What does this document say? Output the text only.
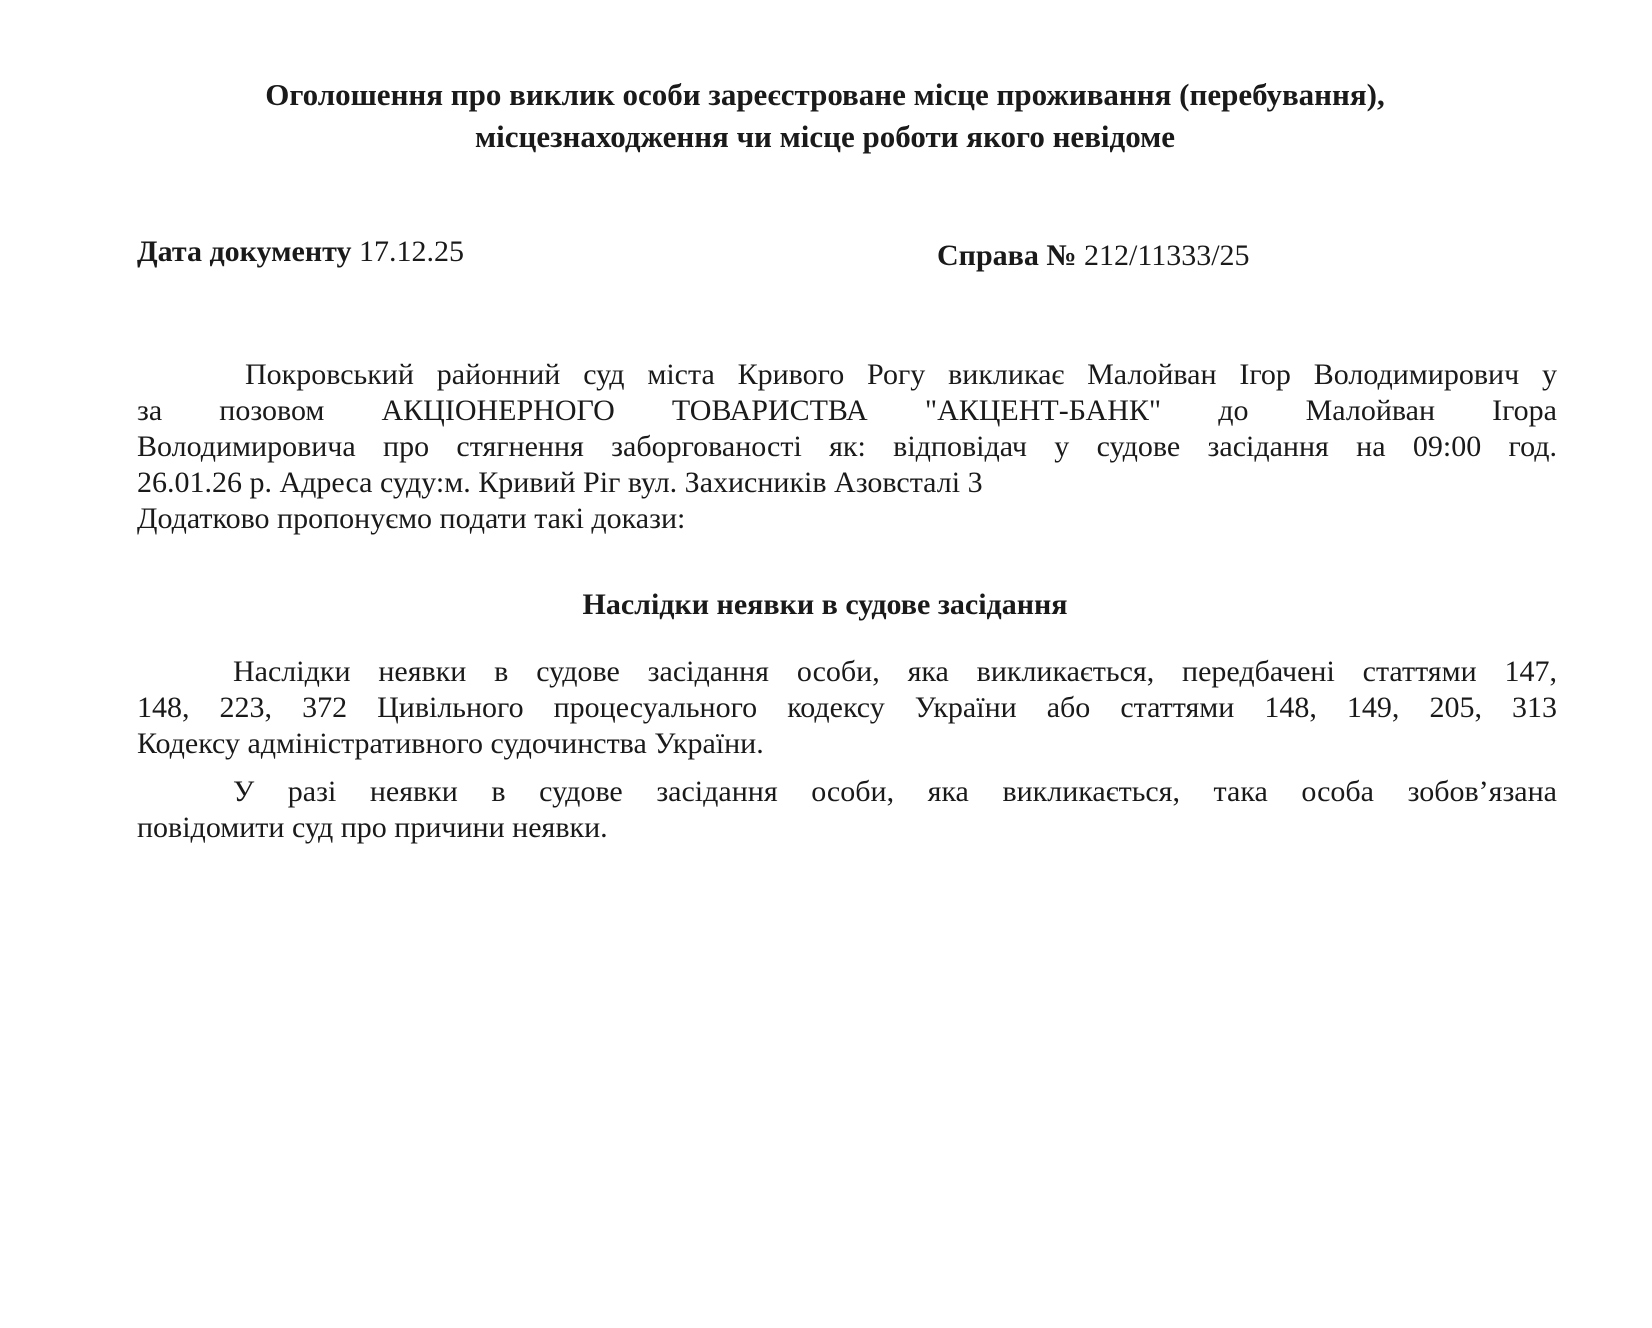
Оголошення про виклик особи зареєстроване місце проживання (перебування),
місцезнаходження чи місце роботи якого невідоме
Дата документу 17.12.25	Справа № 212/11333/25
Покровський районний суд міста Кривого Рогу викликає Малойван Ігор Володимирович у
за позовом АКЦІОНЕРНОГО ТОВАРИСТВА "АКЦЕНТ-БАНК" до Малойван Ігора
Володимировича про стягнення заборгованості як: відповідач у судове засідання на 09:00 год.
26.01.26 р. Адреса суду:м. Кривий Ріг вул. Захисників Азовсталі 3
Додатково пропонуємо подати такі докази:
Наслідки неявки в судове засідання
Наслідки неявки в судове засідання особи, яка викликається, передбачені статтями 147,
148, 223, 372 Цивільного процесуального кодексу України або статтями 148, 149, 205, 313
Кодексу адміністративного судочинства України.
У разі неявки в судове засідання особи, яка викликається, така особа зобов’язана
повідомити суд про причини неявки.
